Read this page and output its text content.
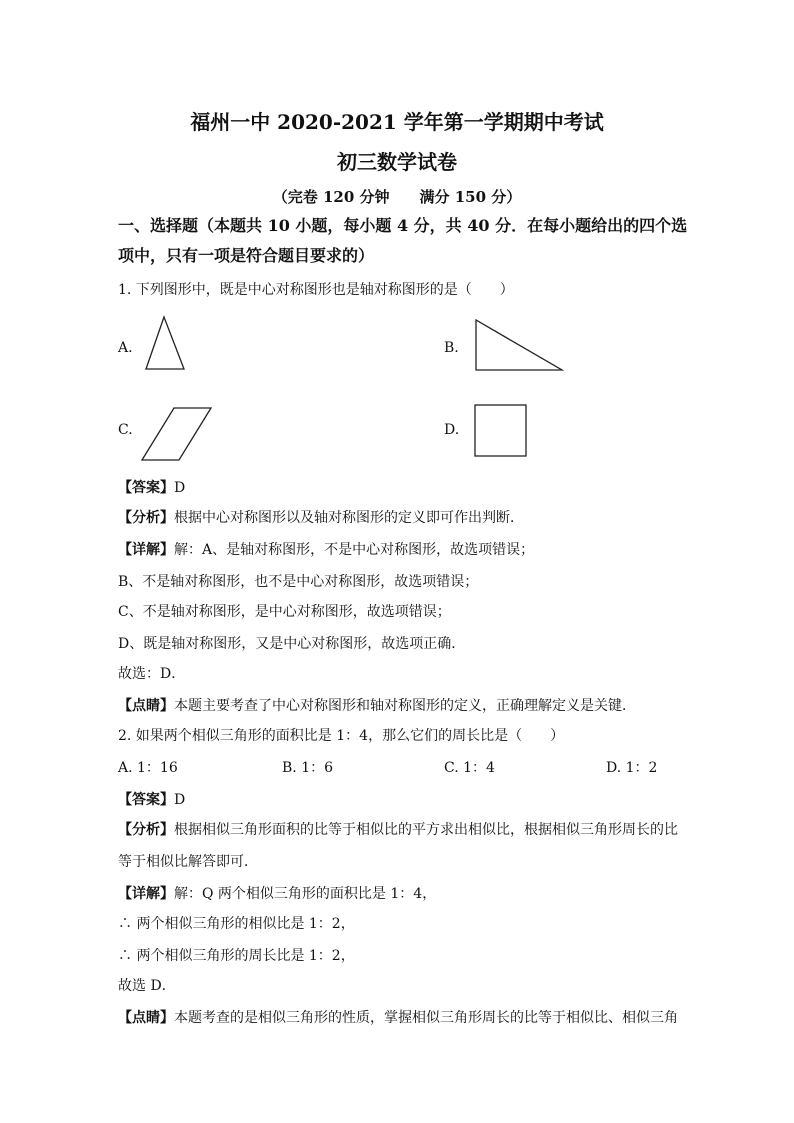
福州一中 2020-2021 学年第一学期期中考试
初三数学试卷
（完卷 120 分钟　　满分 150 分）
一、选择题（本题共 10 小题，每小题 4 分，共 40 分．在每小题给出的四个选
项中，只有一项是符合题目要求的）
1. 下列图形中，既是中心对称图形也是轴对称图形的是（　　）
A.	B.
C.	D.
【答案】D
【分析】根据中心对称图形以及轴对称图形的定义即可作出判断．
【详解】解：A、是轴对称图形，不是中心对称图形，故选项错误；
B、不是轴对称图形，也不是中心对称图形，故选项错误；
C、不是轴对称图形，是中心对称图形，故选项错误；
D、既是轴对称图形，又是中心对称图形，故选项正确．
故选：D．
【点睛】本题主要考查了中心对称图形和轴对称图形的定义，正确理解定义是关键．
2. 如果两个相似三角形的面积比是 1：4，那么它们的周长比是（　　）
A. 1：16	B. 1：6	C. 1：4	D. 1：2
【答案】D
【分析】根据相似三角形面积的比等于相似比的平方求出相似比，根据相似三角形周长的比
等于相似比解答即可．
【详解】解：Q 两个相似三角形的面积比是 1：4，
∴ 两个相似三角形的相似比是 1：2，
∴ 两个相似三角形的周长比是 1：2，
故选 D．
【点睛】本题考查的是相似三角形的性质，掌握相似三角形周长的比等于相似比、相似三角
